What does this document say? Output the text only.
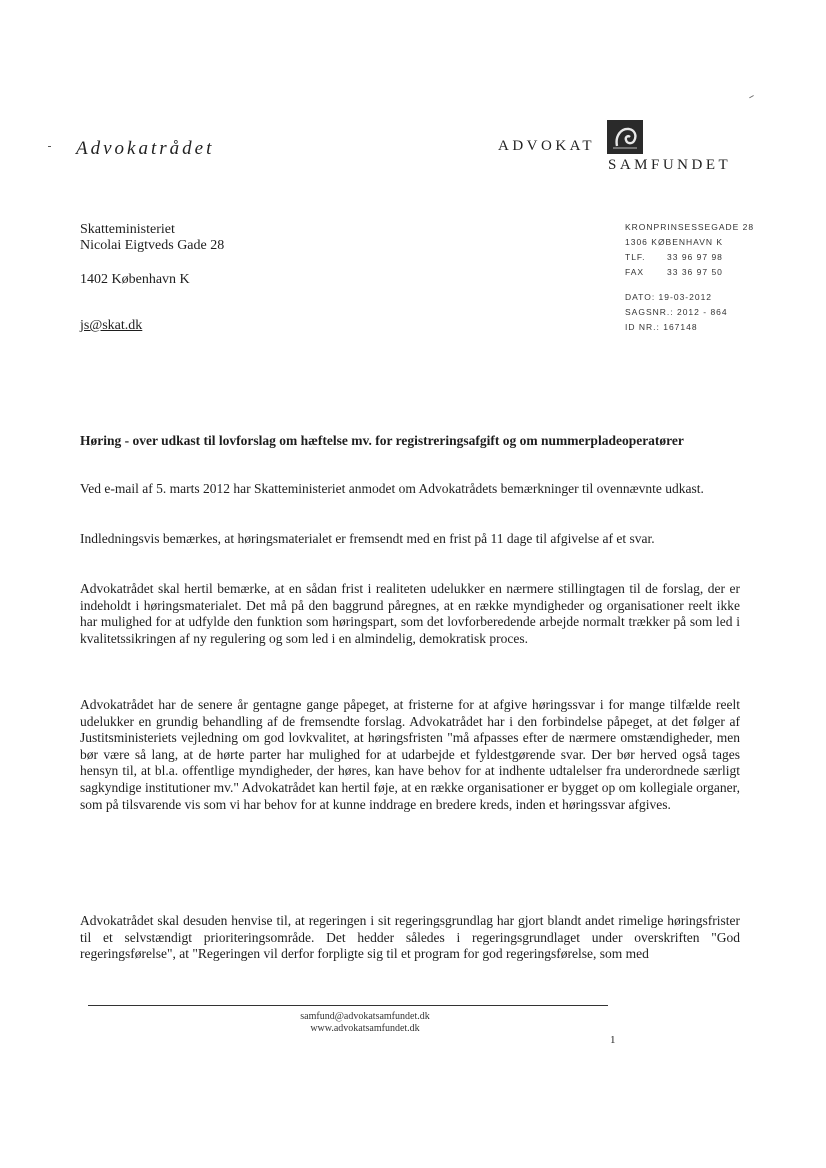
ᐟ
Advokatrådet	ADVOKAT
SAMFUNDET
Skatteministeriet
Nicolai Eigtveds Gade 28
1402 København K
js@skat.dk
KRONPRINSESSEGADE 28
1306 KØBENHAVN K
TLF.	33 96 97 98
FAX	33 36 97 50
DATO: 19-03-2012
SAGSNR.: 2012 - 864
ID NR.: 167148
Høring - over udkast til lovforslag om hæftelse mv. for registreringsafgift og om nummerpladeoperatører
Ved e-mail af 5. marts 2012 har Skatteministeriet anmodet om Advokatrådets bemærkninger til ovennævnte udkast.
Indledningsvis bemærkes, at høringsmaterialet er fremsendt med en frist på 11 dage til afgivelse af et svar.
Advokatrådet skal hertil bemærke, at en sådan frist i realiteten udelukker en nærmere stillingtagen til de forslag, der er indeholdt i høringsmaterialet. Det må på den baggrund påregnes, at en række myndigheder og organisationer reelt ikke har mulighed for at udfylde den funktion som høringspart, som det lovforberedende arbejde normalt trækker på som led i kvalitetssikringen af ny regulering og som led i en almindelig, demokratisk proces.
Advokatrådet har de senere år gentagne gange påpeget, at fristerne for at afgive høringssvar i for mange tilfælde reelt udelukker en grundig behandling af de fremsendte forslag. Advokatrådet har i den forbindelse påpeget, at det følger af Justitsministeriets vejledning om god lovkvalitet, at høringsfristen "må afpasses efter de nærmere omstændigheder, men bør være så lang, at de hørte parter har mulighed for at udarbejde et fyldestgørende svar. Der bør herved også tages hensyn til, at bl.a. offentlige myndigheder, der høres, kan have behov for at indhente udtalelser fra underordnede særligt sagkyndige institutioner mv." Advokatrådet kan hertil føje, at en række organisationer er bygget op om kollegiale organer, som på tilsvarende vis som vi har behov for at kunne inddrage en bredere kreds, inden et høringssvar afgives.
Advokatrådet skal desuden henvise til, at regeringen i sit regeringsgrundlag har gjort blandt andet rimelige høringsfrister til et selvstændigt prioriteringsområde. Det hedder således i regeringsgrundlaget under overskriften "God regeringsførelse", at "Regeringen vil derfor forpligte sig til et program for god regeringsførelse, som med
samfund@advokatsamfundet.dk
www.advokatsamfundet.dk
1
